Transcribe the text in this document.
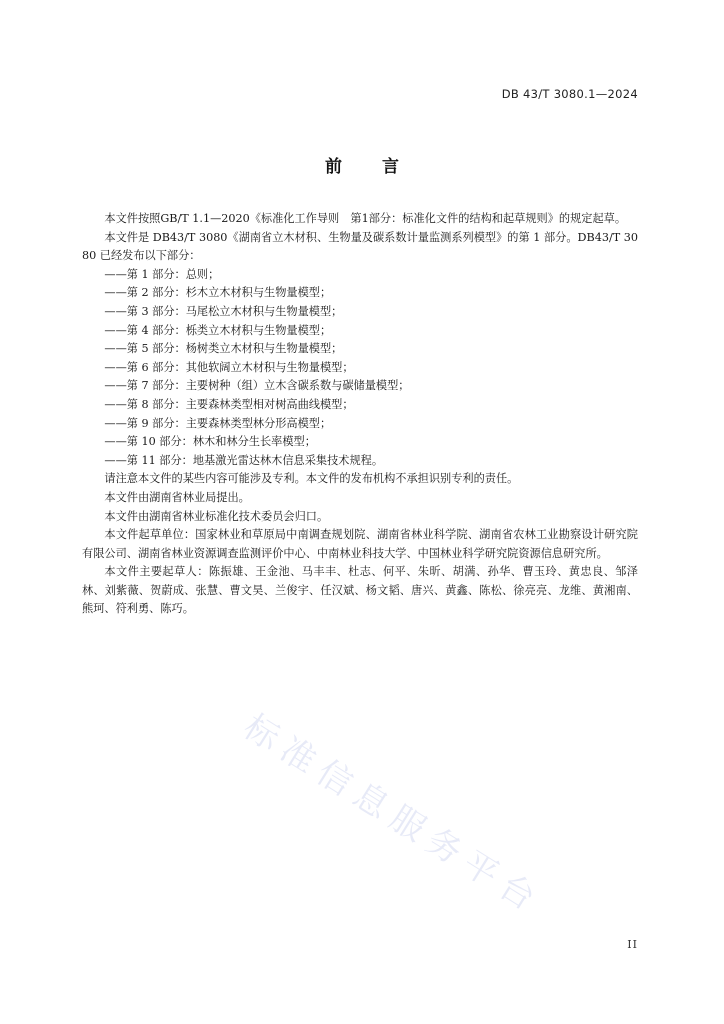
DB 43/T 3080.1—2024
前言

本文件按照GB/T 1.1—2020《标准化工作导则　第1部分：标准化文件的结构和起草规则》的规定起草。

本文件是 DB43/T 3080《湖南省立木材积、生物量及碳系数计量监测系列模型》的第 1 部分。DB43/T 3080 已经发布以下部分：

——第 1 部分：总则；

——第 2 部分：杉木立木材积与生物量模型；

——第 3 部分：马尾松立木材积与生物量模型；

——第 4 部分：栎类立木材积与生物量模型；

——第 5 部分：杨树类立木材积与生物量模型；

——第 6 部分：其他软阔立木材积与生物量模型；

——第 7 部分：主要树种（组）立木含碳系数与碳储量模型；

——第 8 部分：主要森林类型相对树高曲线模型；

——第 9 部分：主要森林类型林分形高模型；

——第 10 部分：林木和林分生长率模型；

——第 11 部分：地基激光雷达林木信息采集技术规程。

请注意本文件的某些内容可能涉及专利。本文件的发布机构不承担识别专利的责任。

本文件由湖南省林业局提出。

本文件由湖南省林业标准化技术委员会归口。

本文件起草单位：国家林业和草原局中南调查规划院、湖南省林业科学院、湖南省农林工业勘察设计研究院有限公司、湖南省林业资源调查监测评价中心、中南林业科技大学、中国林业科学研究院资源信息研究所。

本文件主要起草人：陈振雄、王金池、马丰丰、杜志、何平、朱昕、胡满、孙华、曹玉玲、黄忠良、邹泽林、刘紫薇、贺蔚成、张慧、曹文昊、兰俊宇、任汉斌、杨文韬、唐兴、黄鑫、陈松、徐亮亮、龙维、黄湘南、熊珂、符利勇、陈巧。

标准信息服务平台
II
